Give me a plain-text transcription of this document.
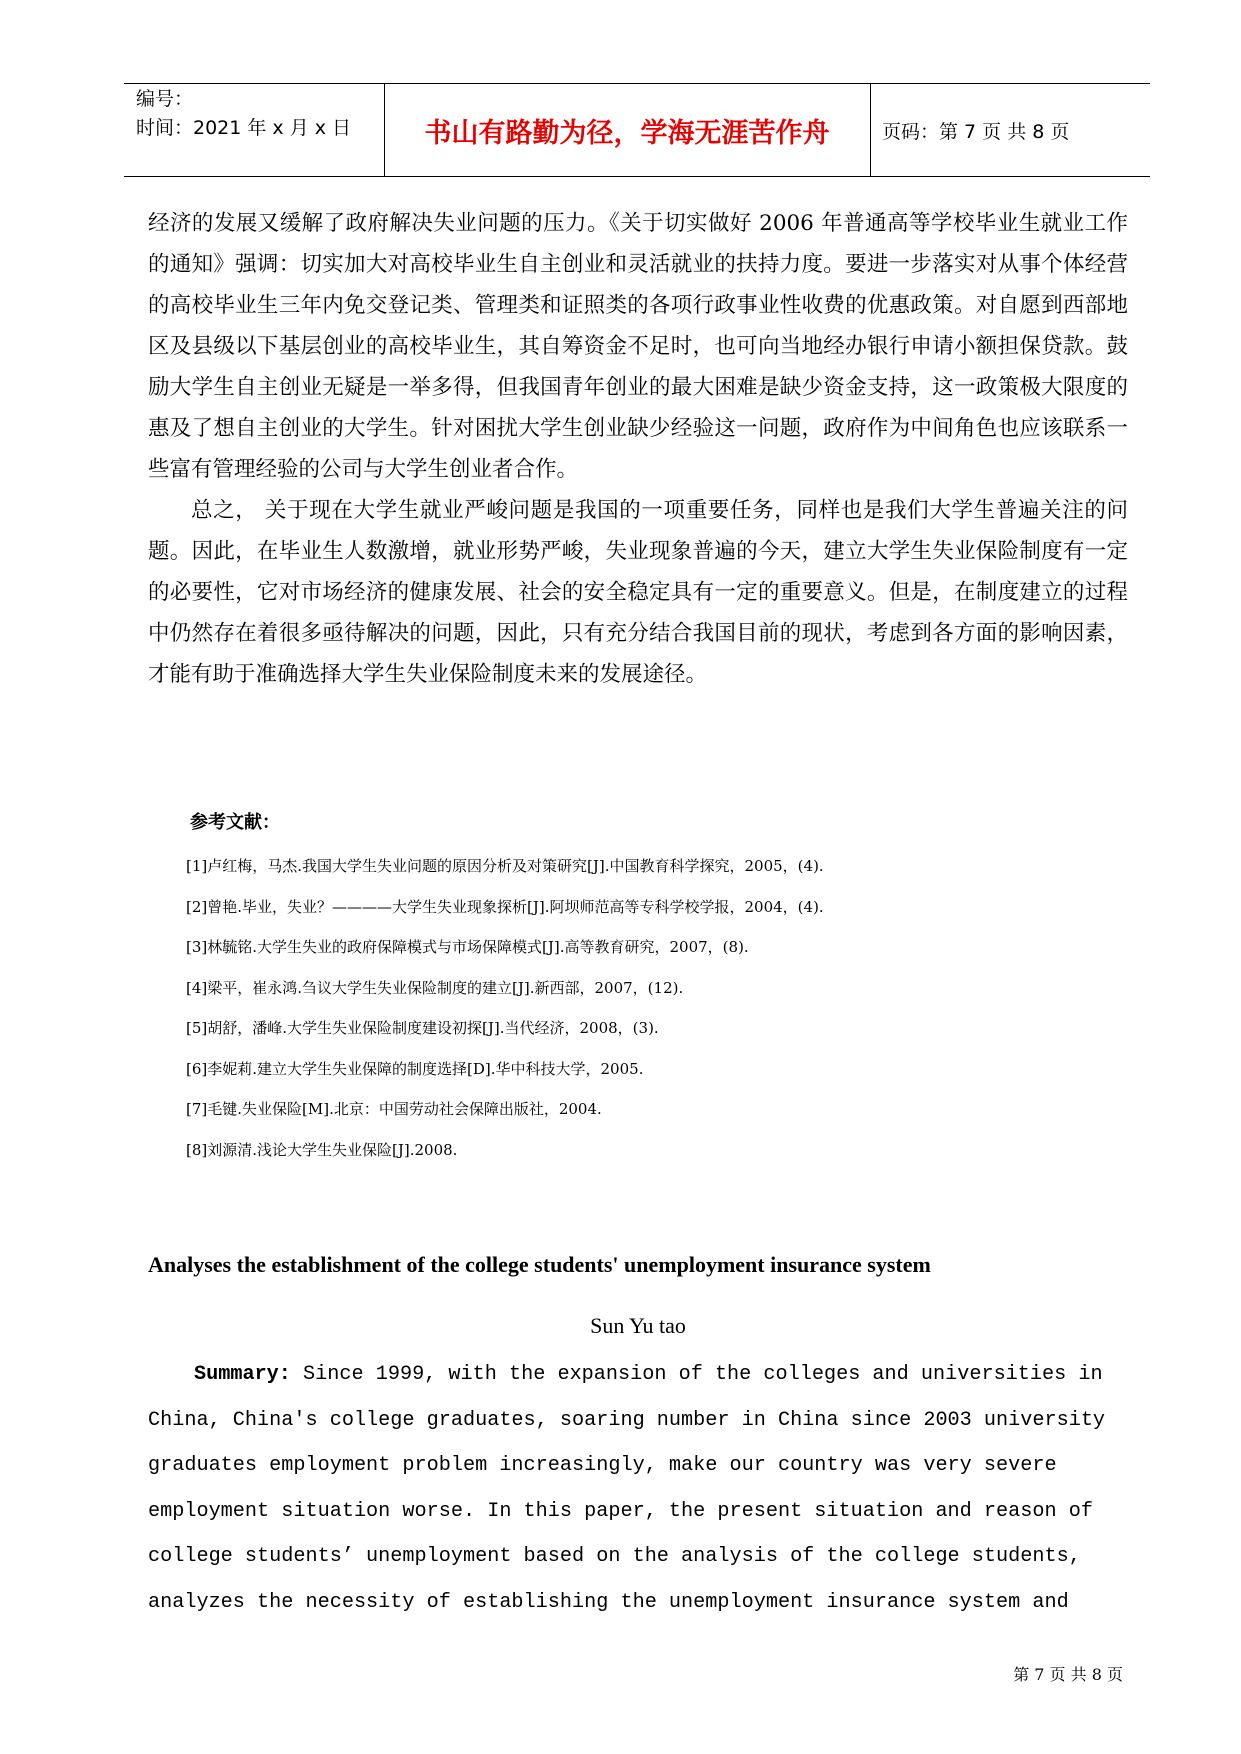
编号：
时间：2021 年 x 月 x 日	书山有路勤为径，学海无涯苦作舟	页码：第 7 页 共 8 页

经济的发展又缓解了政府解决失业问题的压力。《关于切实做好 2006 年普通高等学校毕业生就业工作的通知》强调：切实加大对高校毕业生自主创业和灵活就业的扶持力度。要进一步落实对从事个体经营的高校毕业生三年内免交登记类、管理类和证照类的各项行政事业性收费的优惠政策。对自愿到西部地区及县级以下基层创业的高校毕业生，其自筹资金不足时，也可向当地经办银行申请小额担保贷款。鼓励大学生自主创业无疑是一举多得，但我国青年创业的最大困难是缺少资金支持，这一政策极大限度的惠及了想自主创业的大学生。针对困扰大学生创业缺少经验这一问题，政府作为中间角色也应该联系一些富有管理经验的公司与大学生创业者合作。

总之， 关于现在大学生就业严峻问题是我国的一项重要任务，同样也是我们大学生普遍关注的问题。因此，在毕业生人数激增，就业形势严峻，失业现象普遍的今天，建立大学生失业保险制度有一定的必要性，它对市场经济的健康发展、社会的安全稳定具有一定的重要意义。但是，在制度建立的过程中仍然存在着很多亟待解决的问题，因此，只有充分结合我国目前的现状，考虑到各方面的影响因素，才能有助于准确选择大学生失业保险制度未来的发展途径。

参考文献：
[1]卢红梅，马杰.我国大学生失业问题的原因分析及对策研究[J].中国教育科学探究，2005，(4).
[2]曾艳.毕业，失业？————大学生失业现象探析[J].阿坝师范高等专科学校学报，2004，(4).
[3]林毓铭.大学生失业的政府保障模式与市场保障模式[J].高等教育研究，2007，(8).
[4]梁平，崔永鸿.刍议大学生失业保险制度的建立[J].新西部，2007，(12).
[5]胡舒，潘峰.大学生失业保险制度建设初探[J].当代经济，2008，(3).
[6]李妮莉.建立大学生失业保障的制度选择[D].华中科技大学，2005.
[7]毛键.失业保险[M].北京：中国劳动社会保障出版社，2004.
[8]刘源清.浅论大学生失业保险[J].2008.
Analyses the establishment of the college students' unemployment insurance system
Sun Yu tao
Summary: Since 1999, with the expansion of the colleges and universities in
China, China's college graduates, soaring number in China since 2003 university
graduates employment problem increasingly, make our country was very severe
employment situation worse. In this paper, the present situation and reason of
college students’ unemployment based on the analysis of the college students,
analyzes the necessity of establishing the unemployment insurance system and
第 7 页 共 8 页
